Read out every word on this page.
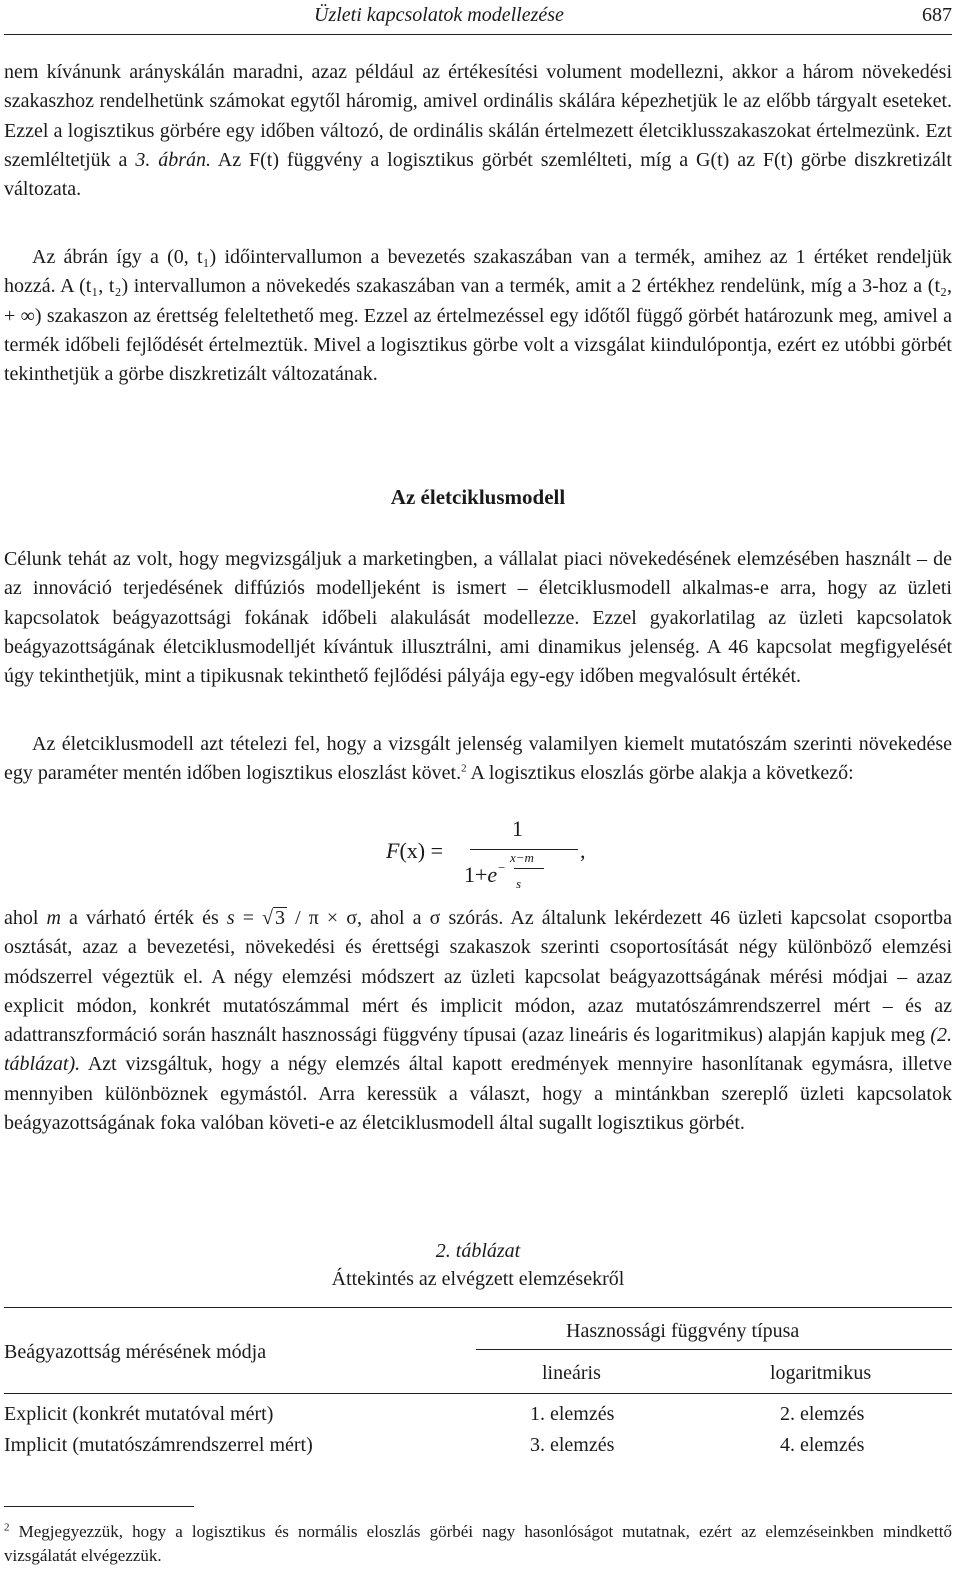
Üzleti kapcsolatok modellezése	687
nem kívánunk arányskálán maradni, azaz például az értékesítési volument modellezni, akkor a három növekedési szakaszhoz rendelhetünk számokat egytől háromig, amivel ordinális skálára képezhetjük le az előbb tárgyalt eseteket. Ezzel a logisztikus görbére egy időben változó, de ordinális skálán értelmezett életciklusszakaszokat értelmezünk. Ezt szemléltetjük a 3. ábrán. Az F(t) függvény a logisztikus görbét szemlélteti, míg a G(t) az F(t) görbe diszkretizált változata.
Az ábrán így a (0, t₁) időintervallumon a bevezetés szakaszában van a termék, amihez az 1 értéket rendeljük hozzá. A (t₁, t₂) intervallumon a növekedés szakaszában van a termék, amit a 2 értékhez rendelünk, míg a 3-hoz a (t₂, + ∞) szakaszon az érettség feleltethető meg. Ezzel az értelmezéssel egy időtől függő görbét határozunk meg, amivel a termék időbeli fejlődését értelmeztük. Mivel a logisztikus görbe volt a vizsgálat kiindulópontja, ezért ez utóbbi görbét tekinthetjük a görbe diszkretizált változatának.
Az életciklusmodell
Célunk tehát az volt, hogy megvizsgáljuk a marketingben, a vállalat piaci növekedésének elemzésében használt – de az innováció terjedésének diffúziós modelljeként is ismert – életciklusmodell alkalmas-e arra, hogy az üzleti kapcsolatok beágyazottsági fokának időbeli alakulását modellezze. Ezzel gyakorlatilag az üzleti kapcsolatok beágyazottságának életciklusmodelljét kívántuk illusztrálni, ami dinamikus jelenség. A 46 kapcsolat megfigyelését úgy tekinthetjük, mint a tipikusnak tekinthető fejlődési pályája egy-egy időben megvalósult értékét.
Az életciklusmodell azt tételezi fel, hogy a vizsgált jelenség valamilyen kiemelt mutatószám szerinti növekedése egy paraméter mentén időben logisztikus eloszlást követ.$^2$ A logisztikus eloszlás görbe alakja a következő:
F(x) =
1
1+e −
x−m
s
,
ahol m a várható érték és s = √ 3 / π × σ, ahol a σ szórás. Az általunk lekérdezett 46 üzleti kapcsolat csoportba osztását, azaz a bevezetési, növekedési és érettségi szakaszok szerinti csoportosítását négy különböző elemzési módszerrel végeztük el. A négy elemzési módszert az üzleti kapcsolat beágyazottságának mérési módjai – azaz explicit módon, konkrét mutatószámmal mért és implicit módon, azaz mutatószámrendszerrel mért – és az adattranszformáció során használt hasznossági függvény típusai (azaz lineáris és logaritmikus) alapján kapjuk meg (2. táblázat). Azt vizsgáltuk, hogy a négy elemzés által kapott eredmények mennyire hasonlítanak egymásra, illetve mennyiben különböznek egymástól. Arra keressük a választ, hogy a mintánkban szereplő üzleti kapcsolatok beágyazottságának foka valóban követi-e az életciklusmodell által sugallt logisztikus görbét.
2. táblázat
Áttekintés az elvégzett elemzésekről
Beágyazottság mérésének módja
Hasznossági függvény típusa
lineáris	logaritmikus
Explicit (konkrét mutatóval mért)	1. elemzés	2. elemzés
Implicit (mutatószámrendszerrel mért)	3. elemzés	4. elemzés
$^2$ Megjegyezzük, hogy a logisztikus és normális eloszlás görbéi nagy hasonlóságot mutatnak, ezért az elemzéseinkben mindkettő vizsgálatát elvégezzük.
